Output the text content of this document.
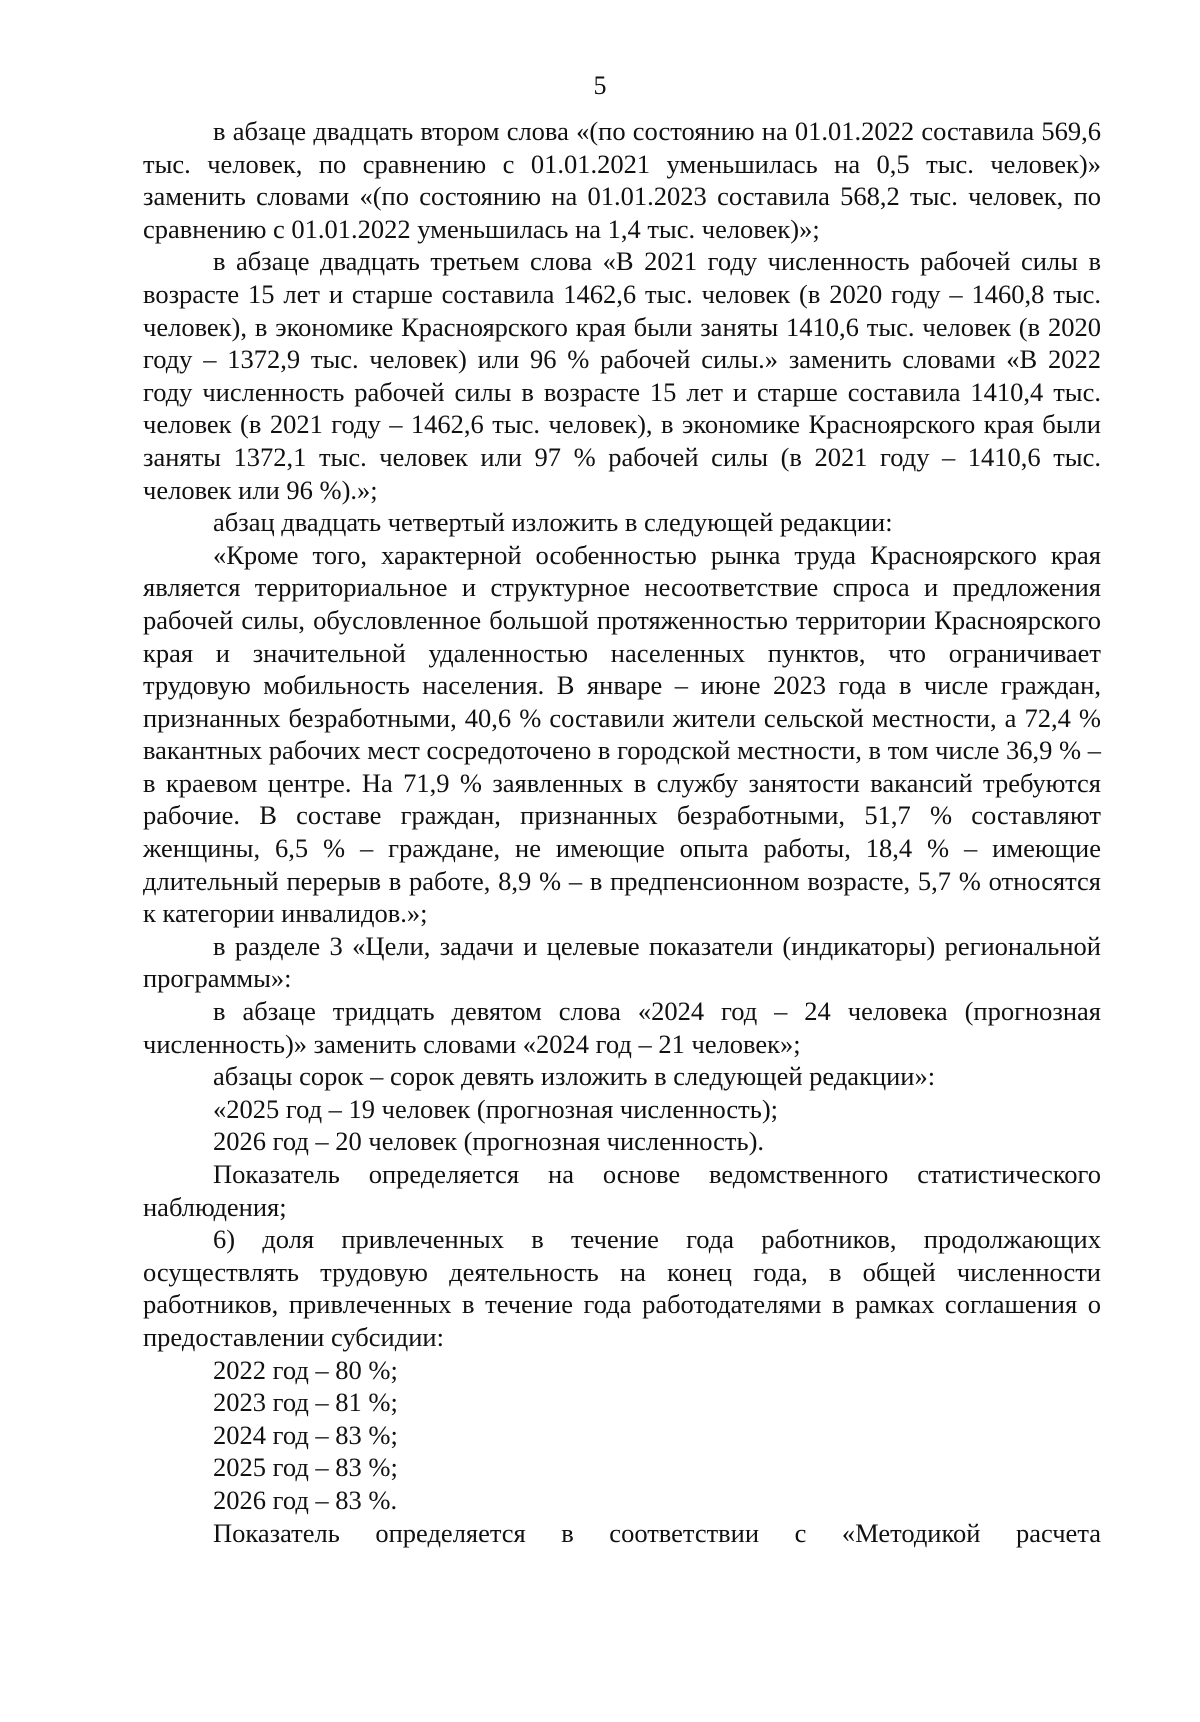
5

в абзаце двадцать втором слова «(по состоянию на 01.01.2022 составила 569,6 тыс. человек, по сравнению с 01.01.2021 уменьшилась на 0,5 тыс. человек)» заменить словами «(по состоянию на 01.01.2023 составила 568,2 тыс. человек, по сравнению с 01.01.2022 уменьшилась на 1,4 тыс. человек)»;

в абзаце двадцать третьем слова «В 2021 году численность рабочей силы в возрасте 15 лет и старше составила 1462,6 тыс. человек (в 2020 году – 1460,8 тыс. человек), в экономике Красноярского края были заняты 1410,6 тыс. человек (в 2020 году – 1372,9 тыс. человек) или 96 % рабочей силы.» заменить словами «В 2022 году численность рабочей силы в возрасте 15 лет и старше составила 1410,4 тыс. человек (в 2021 году – 1462,6 тыс. человек), в экономике Красноярского края были заняты 1372,1 тыс. человек или 97 % рабочей силы (в 2021 году – 1410,6 тыс. человек или 96 %).»;

абзац двадцать четвертый изложить в следующей редакции:

«Кроме того, характерной особенностью рынка труда Красноярского края является территориальное и структурное несоответствие спроса и предложения рабочей силы, обусловленное большой протяженностью территории Красноярского края и значительной удаленностью населенных пунктов, что ограничивает трудовую мобильность населения. В январе – июне 2023 года в числе граждан, признанных безработными, 40,6 % составили жители сельской местности, а 72,4 % вакантных рабочих мест сосредоточено в городской местности, в том числе 36,9 % – в краевом центре. На 71,9 % заявленных в службу занятости вакансий требуются рабочие. В составе граждан, признанных безработными, 51,7 % составляют женщины, 6,5 % – граждане, не имеющие опыта работы, 18,4 % – имеющие длительный перерыв в работе, 8,9 % – в предпенсионном возрасте, 5,7 % относятся к категории инвалидов.»;

в разделе 3 «Цели, задачи и целевые показатели (индикаторы) региональной программы»:

в абзаце тридцать девятом слова «2024 год – 24 человека (прогнозная численность)» заменить словами «2024 год – 21 человек»;

абзацы сорок – сорок девять изложить в следующей редакции»:

«2025 год – 19 человек (прогнозная численность);

2026 год – 20 человек (прогнозная численность).

Показатель определяется на основе ведомственного статистического наблюдения;

6) доля привлеченных в течение года работников, продолжающих осуществлять трудовую деятельность на конец года, в общей численности работников, привлеченных в течение года работодателями в рамках соглашения о предоставлении субсидии:

2022 год – 80 %;

2023 год – 81 %;

2024 год – 83 %;

2025 год – 83 %;

2026 год – 83 %.

Показатель определяется в соответствии с «Методикой расчета
